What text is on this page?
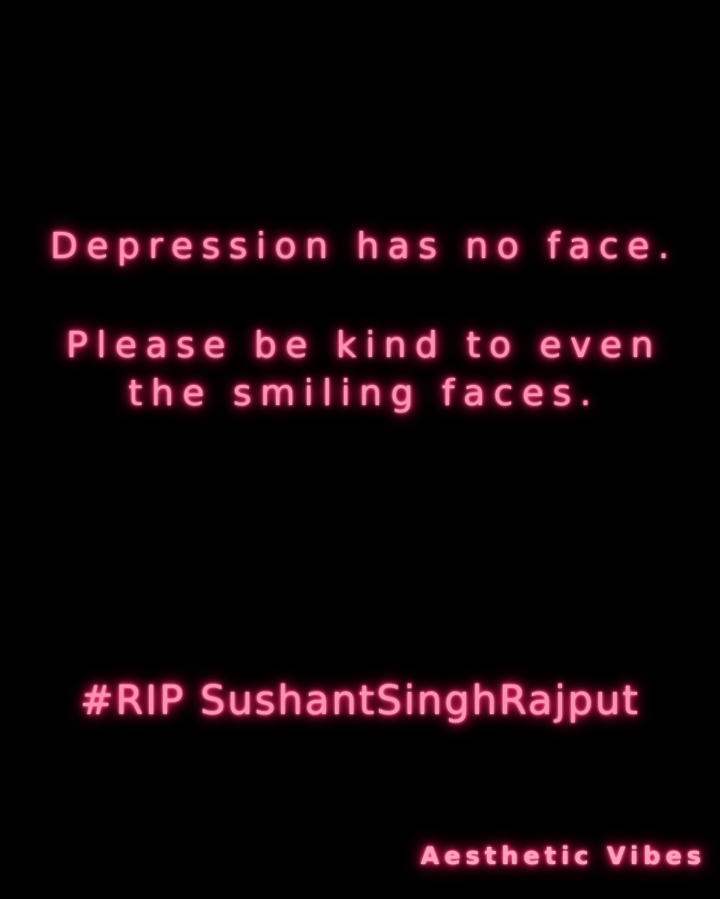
Depression has no face.
Please be kind to even
the smiling faces.
#RIP SushantSinghRajput
Aesthetic Vibes
